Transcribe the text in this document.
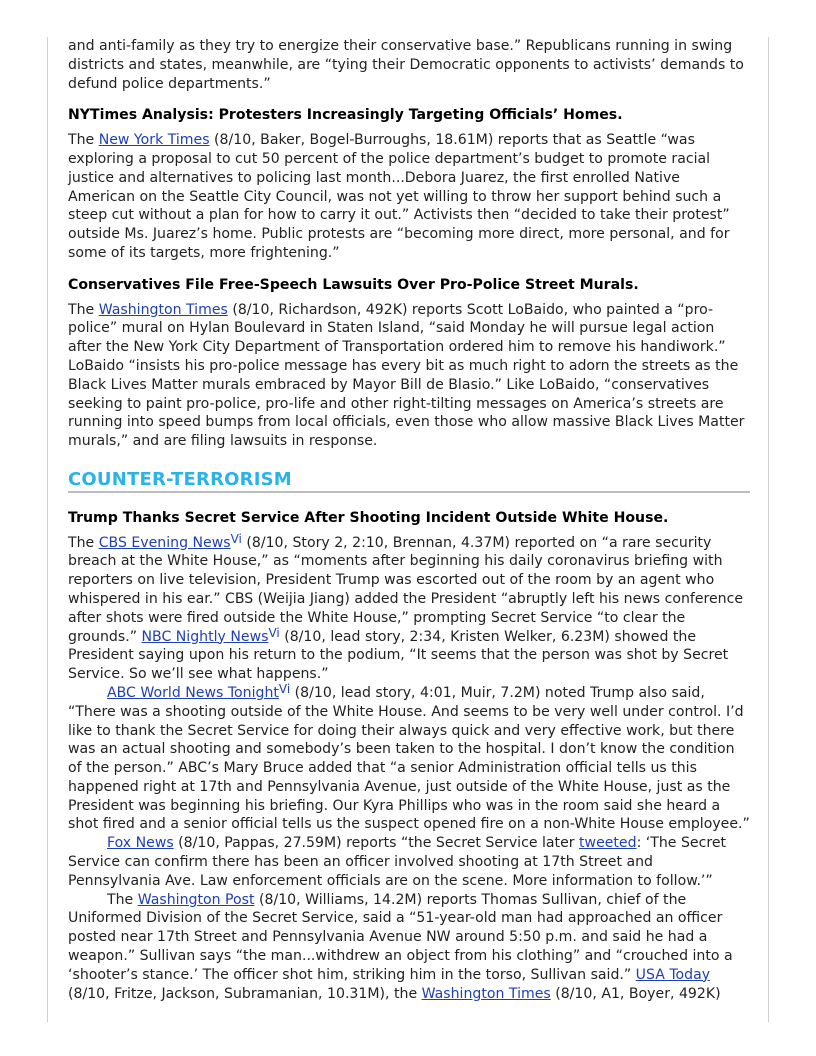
and anti-family as they try to energize their conservative base.” Republicans running in swing districts and states, meanwhile, are “tying their Democratic opponents to activists’ demands to defund police departments.”

NYTimes Analysis: Protesters Increasingly Targeting Officials’ Homes.

The New York Times (8/10, Baker, Bogel-Burroughs, 18.61M) reports that as Seattle “was exploring a proposal to cut 50 percent of the police department’s budget to promote racial justice and alternatives to policing last month...Debora Juarez, the first enrolled Native American on the Seattle City Council, was not yet willing to throw her support behind such a steep cut without a plan for how to carry it out.” Activists then “decided to take their protest” outside Ms. Juarez’s home. Public protests are “becoming more direct, more personal, and for some of its targets, more frightening.”

Conservatives File Free-Speech Lawsuits Over Pro-Police Street Murals.

The Washington Times (8/10, Richardson, 492K) reports Scott LoBaido, who painted a “pro-police” mural on Hylan Boulevard in Staten Island, “said Monday he will pursue legal action after the New York City Department of Transportation ordered him to remove his handiwork.” LoBaido “insists his pro-police message has every bit as much right to adorn the streets as the Black Lives Matter murals embraced by Mayor Bill de Blasio.” Like LoBaido, “conservatives seeking to paint pro-police, pro-life and other right-tilting messages on America’s streets are running into speed bumps from local officials, even those who allow massive Black Lives Matter murals,” and are filing lawsuits in response.

COUNTER-TERRORISM

Trump Thanks Secret Service After Shooting Incident Outside White House.

The CBS Evening News$^{Vi}$ (8/10, Story 2, 2:10, Brennan, 4.37M) reported on “a rare security breach at the White House,” as “moments after beginning his daily coronavirus briefing with reporters on live television, President Trump was escorted out of the room by an agent who whispered in his ear.” CBS (Weijia Jiang) added the President “abruptly left his news conference after shots were fired outside the White House,” prompting Secret Service “to clear the grounds.” NBC Nightly News$^{Vi}$ (8/10, lead story, 2:34, Kristen Welker, 6.23M) showed the President saying upon his return to the podium, “It seems that the person was shot by Secret Service. So we’ll see what happens.”

ABC World News Tonight$^{Vi}$ (8/10, lead story, 4:01, Muir, 7.2M) noted Trump also said, “There was a shooting outside of the White House. And seems to be very well under control. I’d like to thank the Secret Service for doing their always quick and very effective work, but there was an actual shooting and somebody’s been taken to the hospital. I don’t know the condition of the person.” ABC’s Mary Bruce added that “a senior Administration official tells us this happened right at 17th and Pennsylvania Avenue, just outside of the White House, just as the President was beginning his briefing. Our Kyra Phillips who was in the room said she heard a shot fired and a senior official tells us the suspect opened fire on a non-White House employee.”

Fox News (8/10, Pappas, 27.59M) reports “the Secret Service later tweeted: ‘The Secret Service can confirm there has been an officer involved shooting at 17th Street and Pennsylvania Ave. Law enforcement officials are on the scene. More information to follow.’”

The Washington Post (8/10, Williams, 14.2M) reports Thomas Sullivan, chief of the Uniformed Division of the Secret Service, said a “51-year-old man had approached an officer posted near 17th Street and Pennsylvania Avenue NW around 5:50 p.m. and said he had a weapon.” Sullivan says “the man...withdrew an object from his clothing” and “crouched into a ‘shooter’s stance.’ The officer shot him, striking him in the torso, Sullivan said.” USA Today (8/10, Fritze, Jackson, Subramanian, 10.31M), the Washington Times (8/10, A1, Boyer, 492K)
